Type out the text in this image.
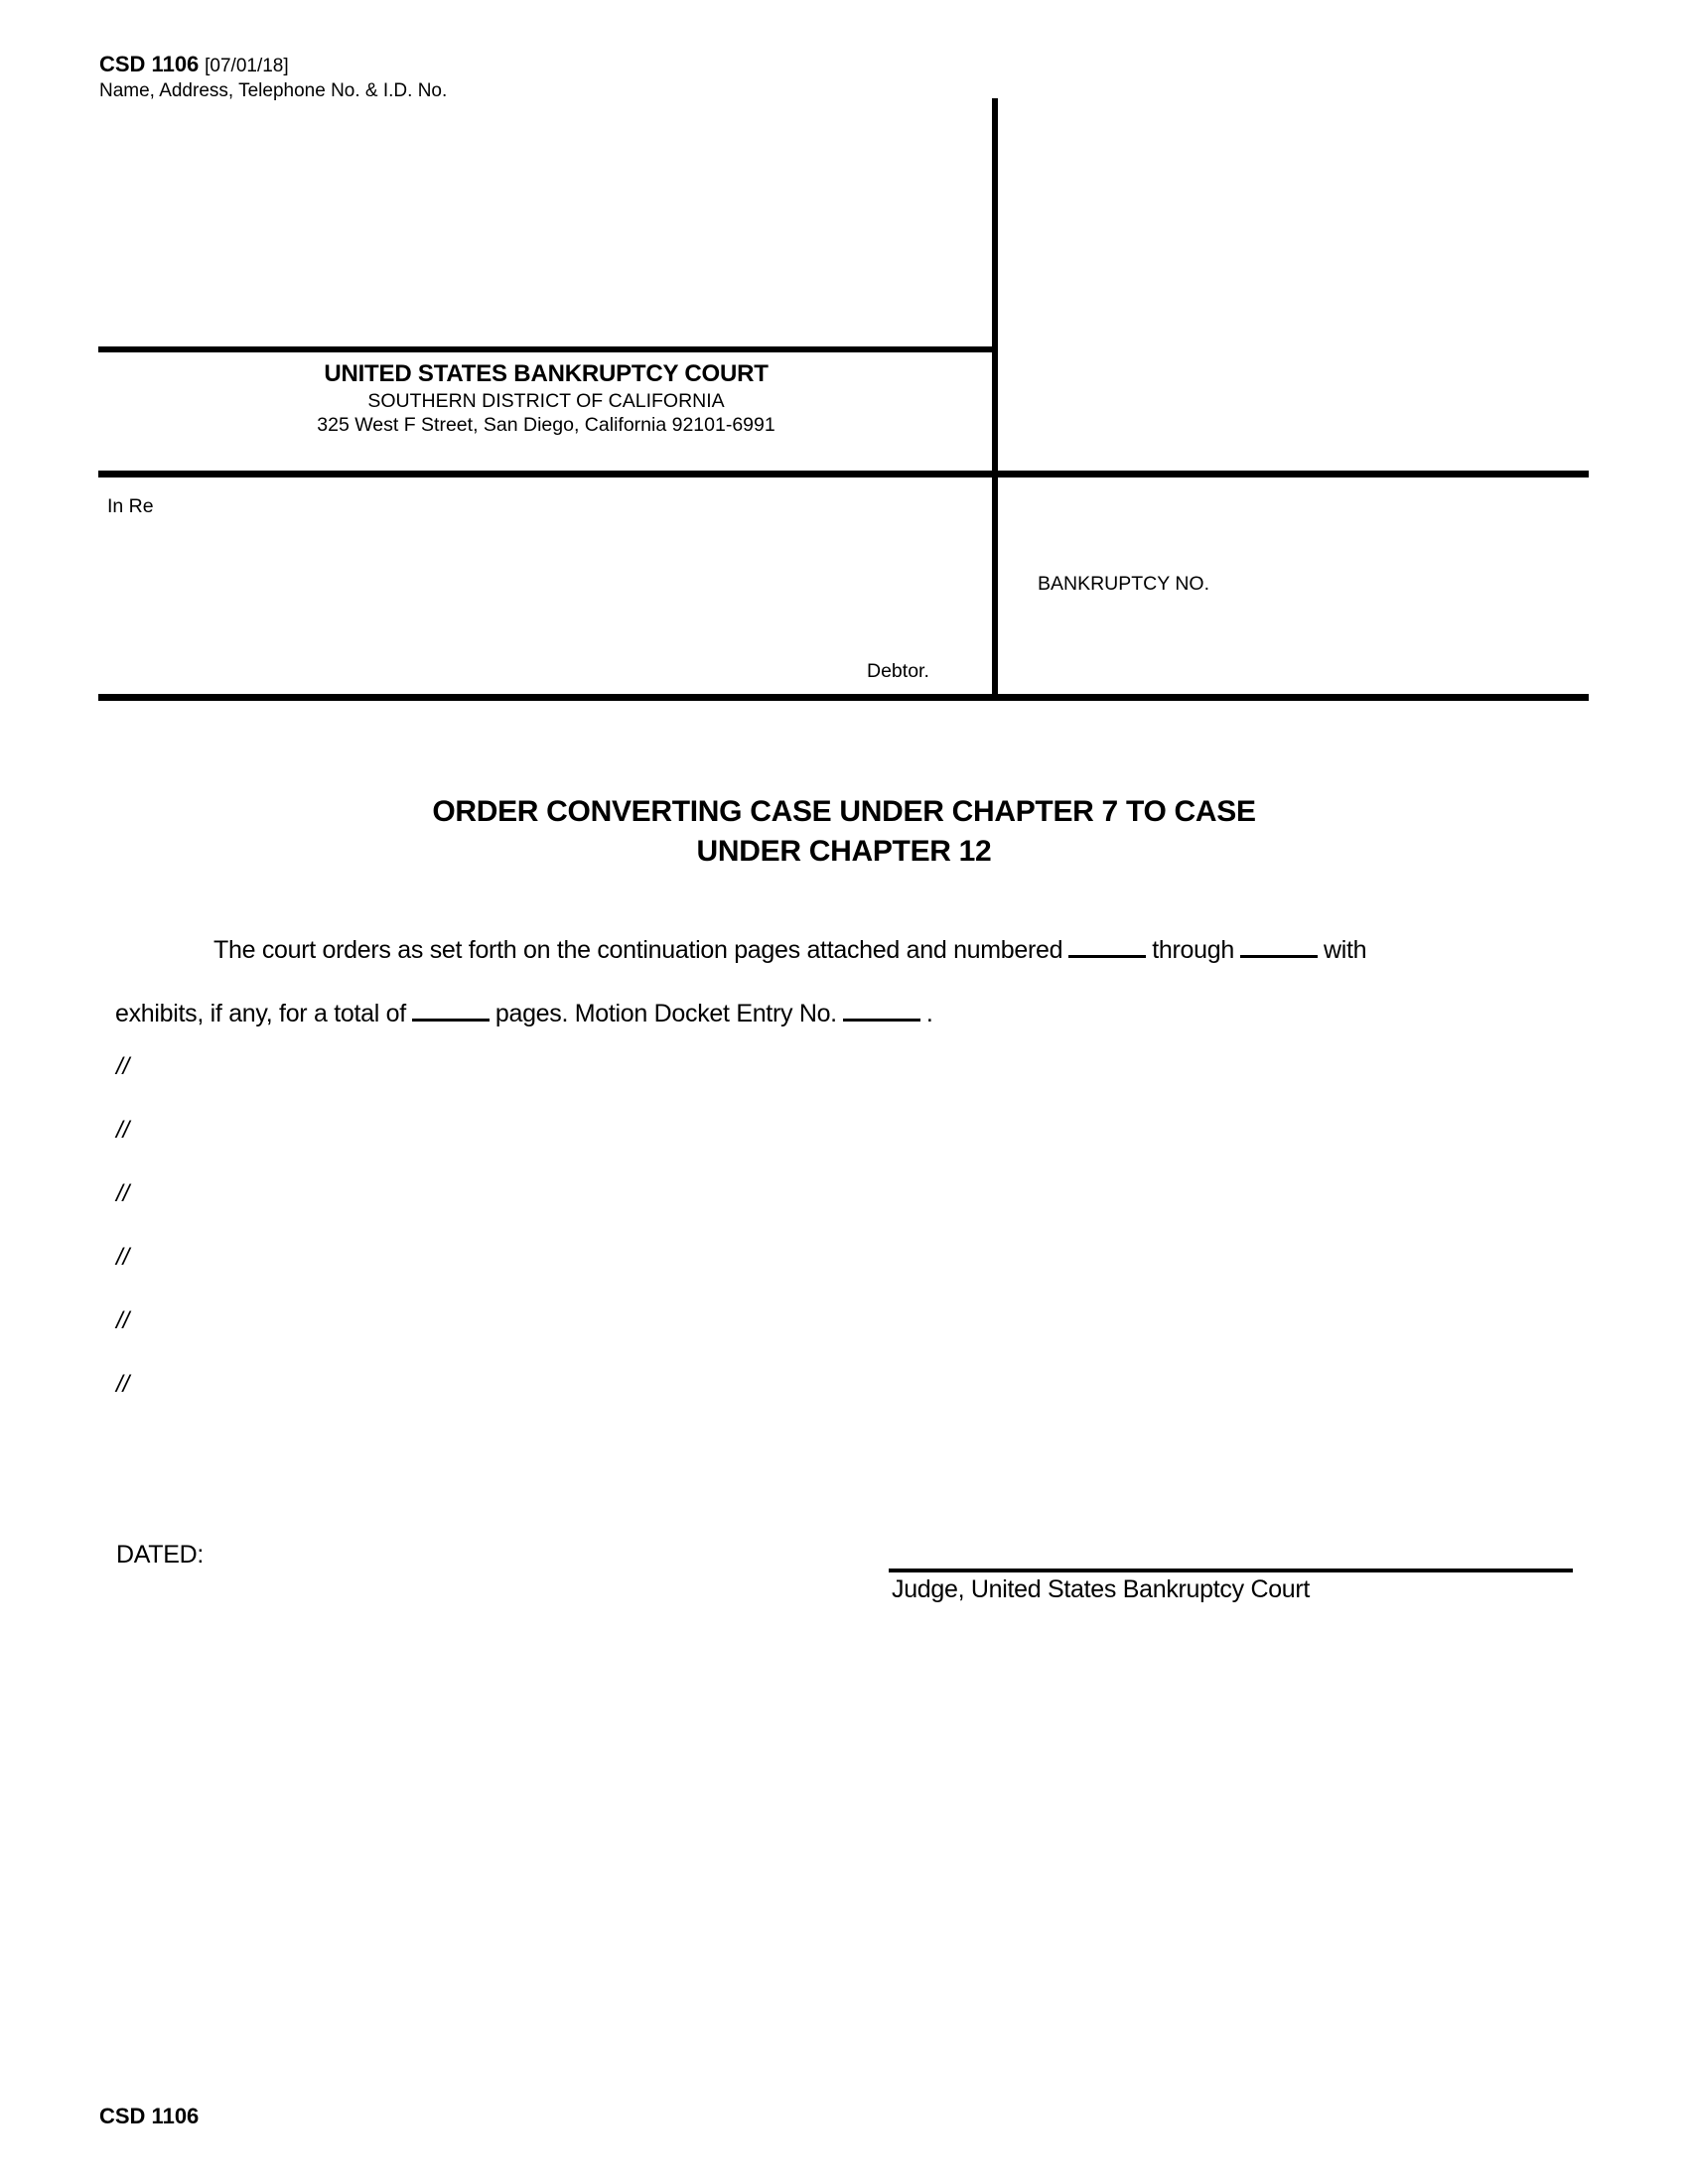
CSD 1106 [07/01/18]
Name, Address, Telephone No. & I.D. No.
UNITED STATES BANKRUPTCY COURT
SOUTHERN DISTRICT OF CALIFORNIA
325 West F Street, San Diego, California 92101-6991
In Re
Debtor.
BANKRUPTCY NO.
ORDER CONVERTING CASE UNDER CHAPTER 7 TO CASE
UNDER CHAPTER 12
The court orders as set forth on the continuation pages attached and numbered	through	with
exhibits, if any, for a total of	pages. Motion Docket Entry No.	.
//
//
//
//
//
//
DATED:
Judge, United States Bankruptcy Court
CSD 1106
